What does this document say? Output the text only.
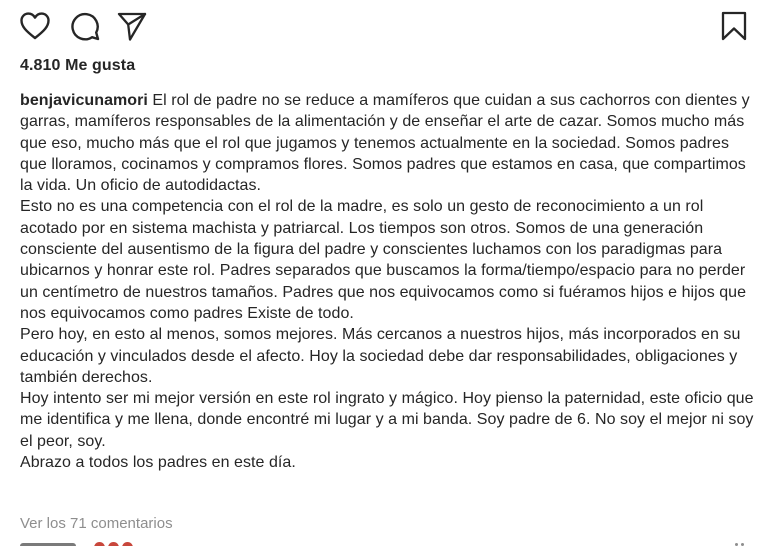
4.810 Me gusta
benjavicunamori El rol de padre no se reduce a mamíferos que cuidan a sus cachorros con dientes y garras, mamíferos responsables de la alimentación y de enseñar el arte de cazar. Somos mucho más que eso, mucho más que el rol que jugamos y tenemos actualmente en la sociedad. Somos padres que lloramos, cocinamos y compramos flores. Somos padres que estamos en casa, que compartimos la vida. Un oficio de autodidactas.
Esto no es una competencia con el rol de la madre, es solo un gesto de reconocimiento a un rol acotado por en sistema machista y patriarcal. Los tiempos son otros. Somos de una generación consciente del ausentismo de la figura del padre y conscientes luchamos con los paradigmas para ubicarnos y honrar este rol. Padres separados que buscamos la forma/tiempo/espacio para no perder un centímetro de nuestros tamaños. Padres que nos equivocamos como si fuéramos hijos e hijos que nos equivocamos como padres Existe de todo.
Pero hoy, en esto al menos, somos mejores. Más cercanos a nuestros hijos, más incorporados en su educación y vinculados desde el afecto. Hoy la sociedad debe dar responsabilidades, obligaciones y también derechos.
Hoy intento ser mi mejor versión en este rol ingrato y mágico. Hoy pienso la paternidad, este oficio que me identifica y me llena, donde encontré mi lugar y a mi banda. Soy padre de 6. No soy el mejor ni soy el peor, soy.
Abrazo a todos los padres en este día.
Ver los 71 comentarios
